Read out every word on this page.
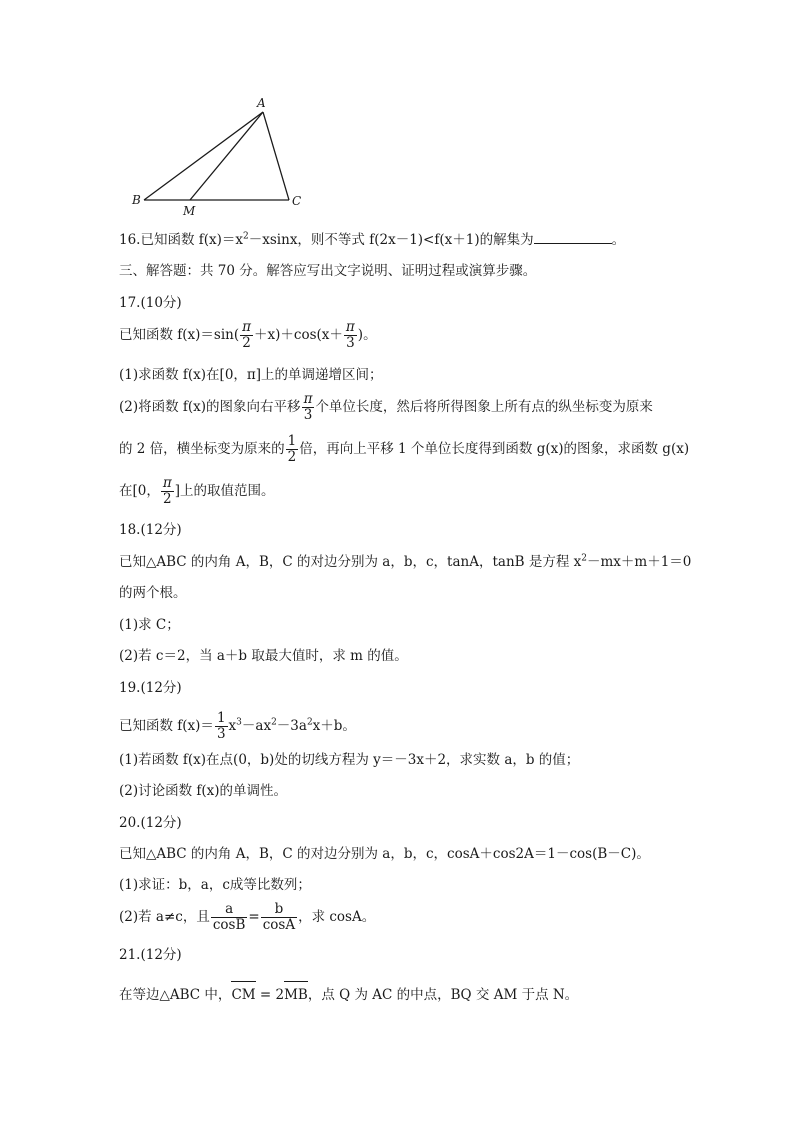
A
B	C
M
16.已知函数 $f(x)=x^2-xsinx$，则不等式 f(2x－1)<f(x＋1)的解集为	。
三、解答题：共 70 分。解答应写出文字说明、证明过程或演算步骤。
17.(10分)
已知函数 $f(x)=\sin( \frac{\pi}{2} +x)+\cos(x+ \frac{\pi}{3}$ )。
(1)求函数 f(x)在[0，π]上的单调递增区间；
(2)将函数 f(x)的图象向右平移 $\frac{\pi}{3}$ 个单位长度，然后将所得图象上所有点的纵坐标变为原来
的 2 倍，横坐标变为原来的 $\frac{1}{2}$ 倍，再向上平移 1 个单位长度得到函数 g(x)的图象，求函数 g(x)
在[0， $\frac{\pi}{2}$ ]上的取值范围。
18.(12分)
已知△ABC 的内角 A，B，C 的对边分别为 a，b，c，tanA，tanB 是方程 $x^2-mx+m+1=0$
的两个根。
(1)求 C；
(2)若 c＝2，当 a＋b 取最大值时，求 m 的值。
19.(12分)
已知函数 $f(x)= \frac{1}{3} x^3-ax^2-3a^2x+b$。
(1)若函数 f(x)在点(0，b)处的切线方程为 y＝－3x＋2，求实数 a，b 的值；
(2)讨论函数 f(x)的单调性。
20.(12分)
已知△ABC 的内角 A，B，C 的对边分别为 a，b，c，cosA＋cos2A＝1－cos(B－C)。
(1)求证：b，a，c成等比数列；
(2)若 a≠c，且 $\frac{a}{\cos B} = \frac{b}{\cos A}$ ，求 cosA。
21.(12分)
在等边△ABC 中，
CM = 2
MB，点 Q 为 AC 的中点，BQ 交 AM 于点 N。
